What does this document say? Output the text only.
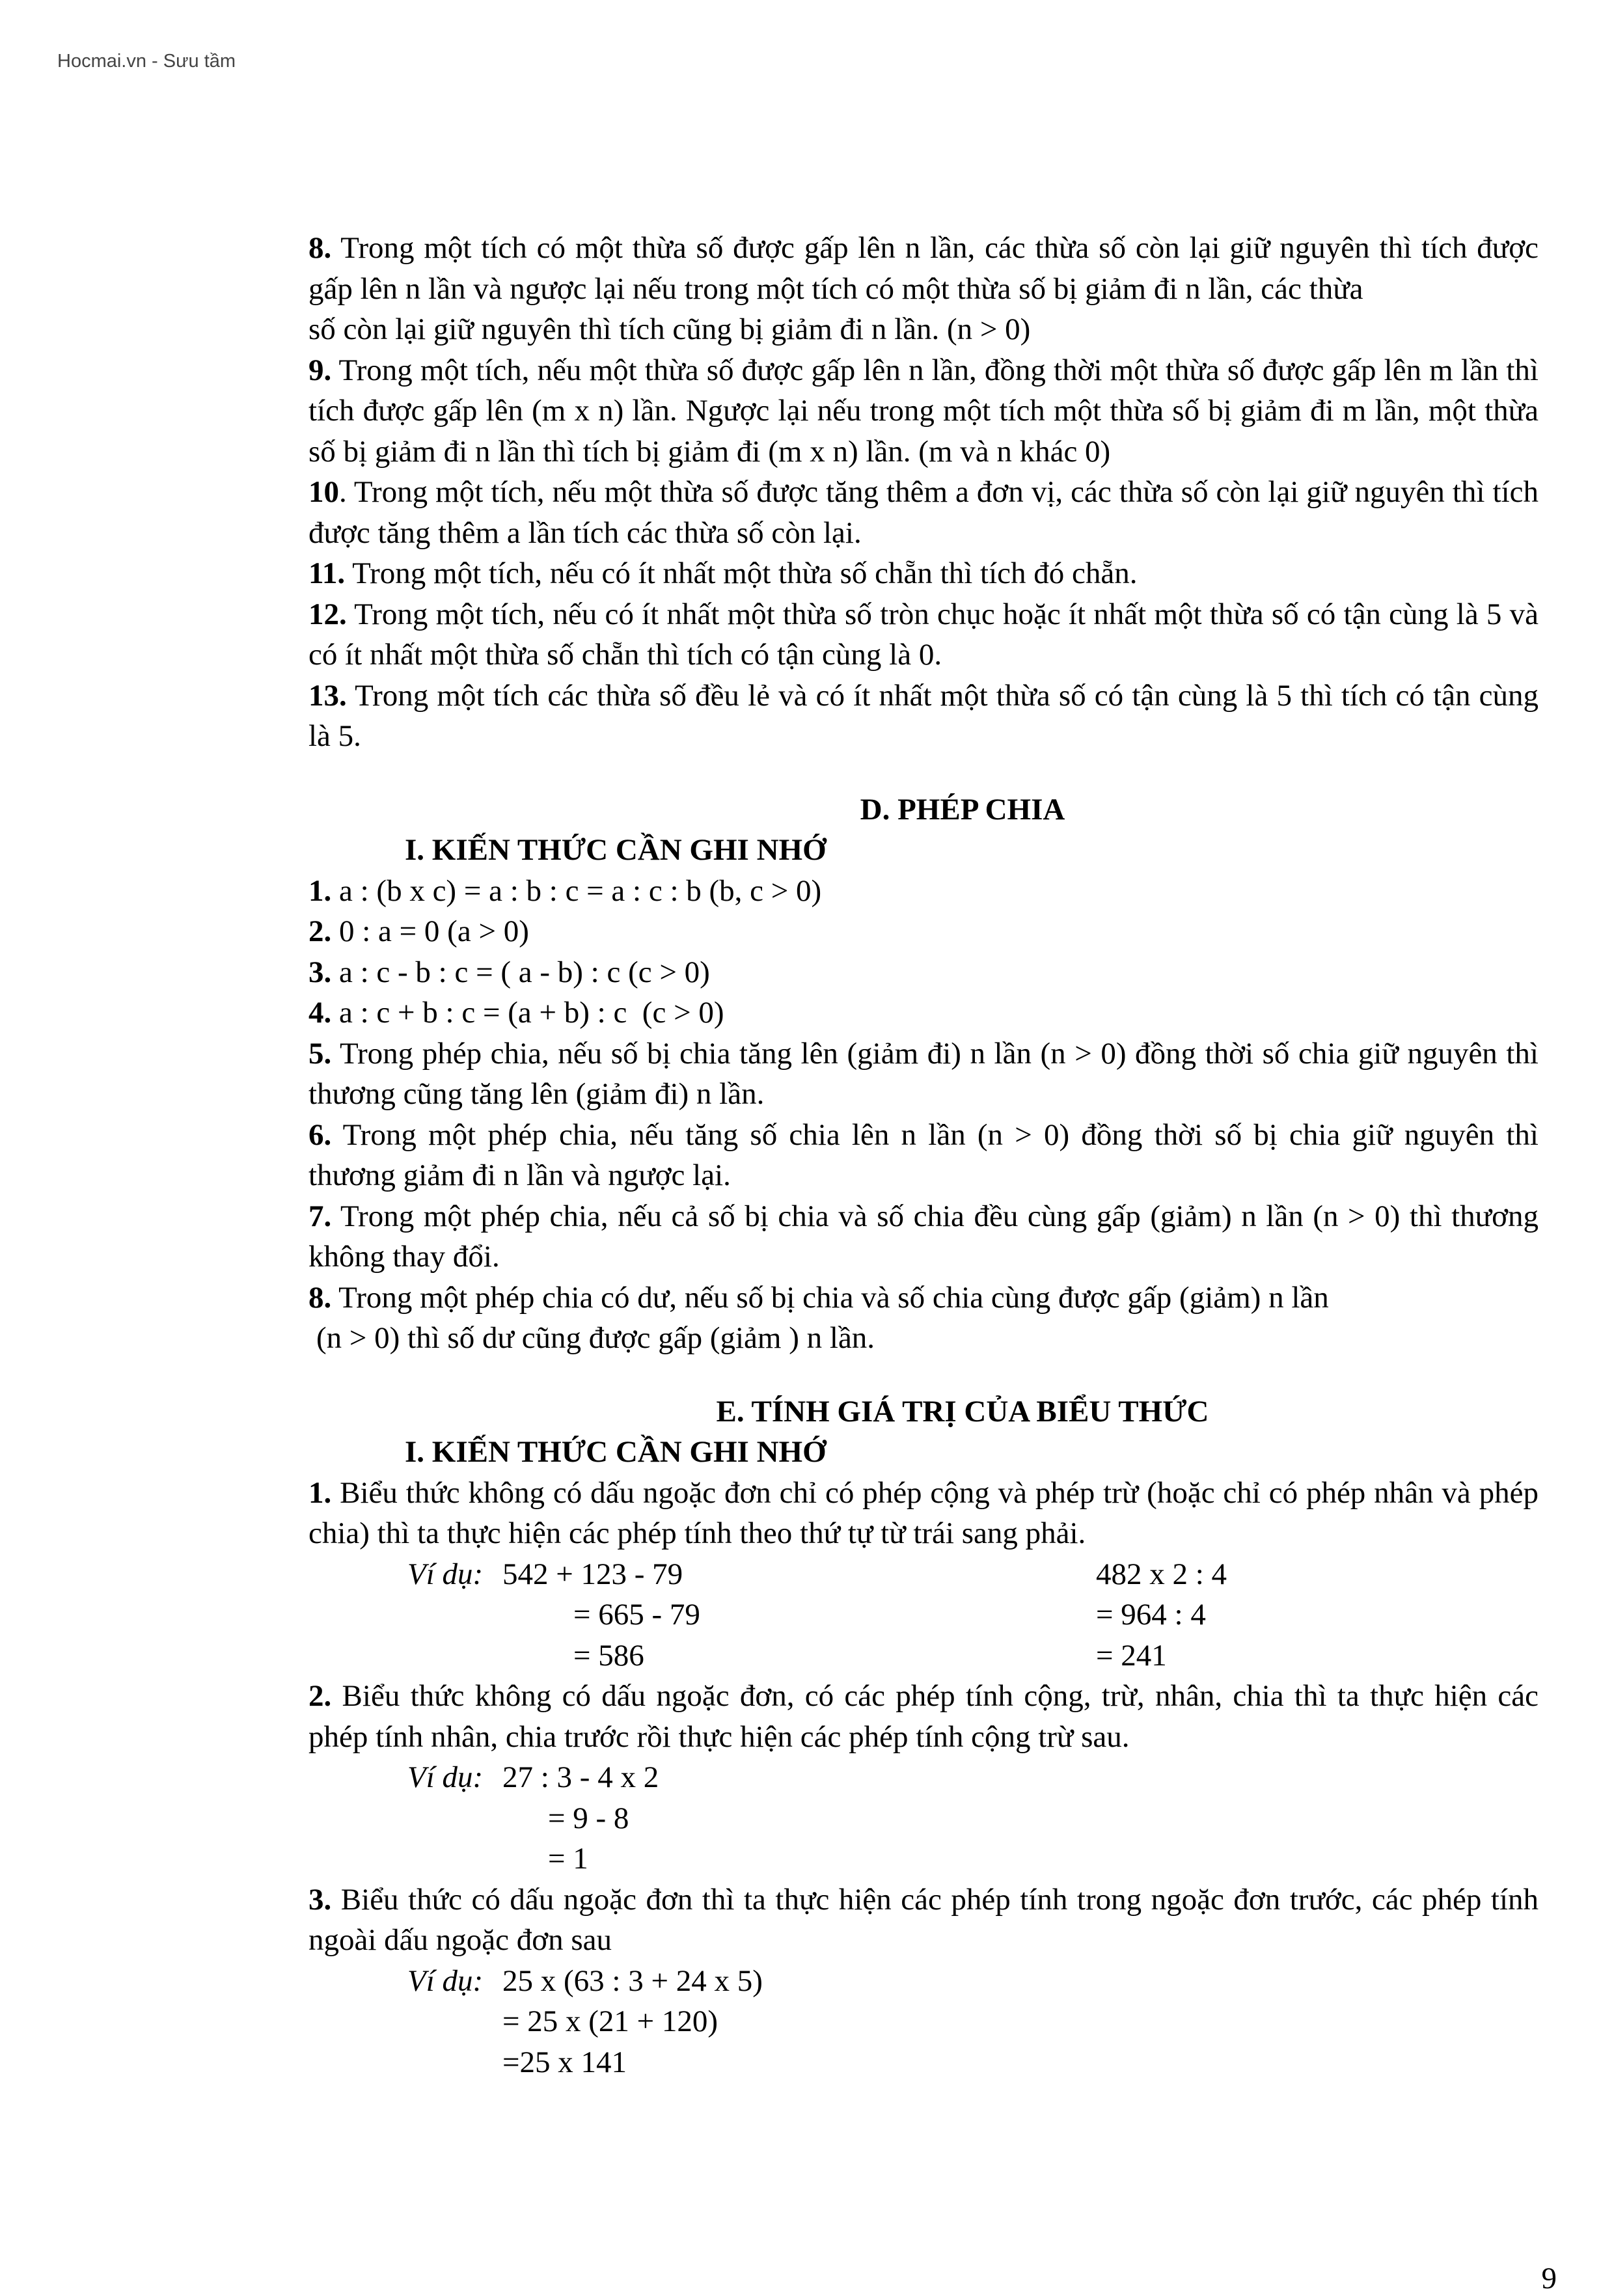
Hocmai.vn - Sưu tầm

8. Trong một tích có một thừa số được gấp lên n lần, các thừa số còn lại giữ nguyên thì tích được gấp lên n lần và ngược lại nếu trong một tích có một thừa số bị giảm đi n lần, các thừa

số còn lại giữ nguyên thì tích cũng bị giảm đi n lần. (n > 0)

9. Trong một tích, nếu một thừa số được gấp lên n lần, đồng thời một thừa số được gấp lên m lần thì tích được gấp lên (m x n) lần. Ngược lại nếu trong một tích một thừa số bị giảm đi m lần, một thừa số bị giảm đi n lần thì tích bị giảm đi (m x n) lần. (m và n khác 0)

10. Trong một tích, nếu một thừa số được tăng thêm a đơn vị, các thừa số còn lại giữ nguyên thì tích được tăng thêm a lần tích các thừa số còn lại.

11. Trong một tích, nếu có ít nhất một thừa số chẵn thì tích đó chẵn.

12. Trong một tích, nếu có ít nhất một thừa số tròn chục hoặc ít nhất một thừa số có tận cùng là 5 và có ít nhất một thừa số chẵn thì tích có tận cùng là 0.

13. Trong một tích các thừa số đều lẻ và có ít nhất một thừa số có tận cùng là 5 thì tích có tận cùng là 5.

D. PHÉP CHIA
I. KIẾN THỨC CẦN GHI NHỚ

1. a : (b x c) = a : b : c = a : c : b (b, c > 0)

2. 0 : a = 0 (a > 0)

3. a : c - b : c = ( a - b) : c (c > 0)

4. a : c + b : c = (a + b) : c  (c > 0)

5. Trong phép chia, nếu số bị chia tăng lên (giảm đi) n lần (n > 0) đồng thời số chia giữ nguyên thì thương cũng tăng lên (giảm đi) n lần.

6. Trong một phép chia, nếu tăng số chia lên n lần (n > 0) đồng thời số bị chia giữ nguyên thì thương giảm đi n lần và ngược lại.

7. Trong một phép chia, nếu cả số bị chia và số chia đều cùng gấp (giảm) n lần (n > 0) thì thương không thay đổi.

8. Trong một phép chia có dư, nếu số bị chia và số chia cùng được gấp (giảm) n lần

(n > 0) thì số dư cũng được gấp (giảm ) n lần.

E. TÍNH GIÁ TRỊ CỦA BIỂU THỨC
I. KIẾN THỨC CẦN GHI NHỚ

1. Biểu thức không có dấu ngoặc đơn chỉ có phép cộng và phép trừ (hoặc chỉ có phép nhân và phép chia) thì ta thực hiện các phép tính theo thứ tự từ trái sang phải.

Ví dụ: 542 + 123 - 79	482 x 2 : 4
= 665 - 79	= 964 : 4
= 586	= 241

2. Biểu thức không có dấu ngoặc đơn, có các phép tính cộng, trừ, nhân, chia thì ta thực hiện các phép tính nhân, chia trước rồi thực hiện các phép tính cộng trừ sau.

Ví dụ: 27 : 3 - 4 x 2
= 9 - 8
= 1

3. Biểu thức có dấu ngoặc đơn thì ta thực hiện các phép tính trong ngoặc đơn trước, các phép tính ngoài dấu ngoặc đơn sau

Ví dụ: 25 x (63 : 3 + 24 x 5)
= 25 x (21 + 120)
=25 x 141
9
